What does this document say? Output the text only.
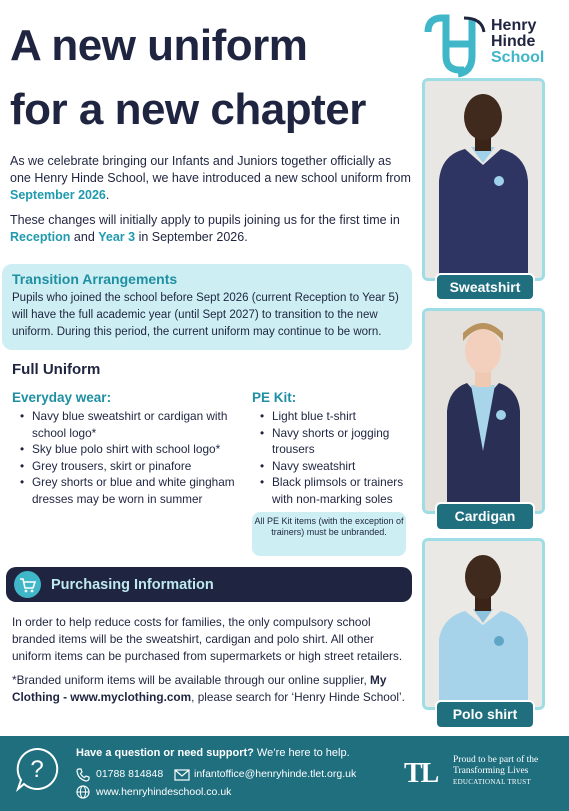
A new uniform
for a new chapter
Henry
Hinde
School

As we celebrate bringing our Infants and Juniors together officially as one Henry Hinde School, we have introduced a new school uniform from September 2026.

These changes will initially apply to pupils joining us for the first time in Reception and Year 3 in September 2026.

Transition Arrangements
Pupils who joined the school before Sept 2026 (current Reception to Year 5) will have the full academic year (until Sept 2027) to transition to the new uniform. During this period, the current uniform may continue to be worn.
Full Uniform
Everyday wear:
• Navy blue sweatshirt or cardigan with school logo*
• Sky blue polo shirt with school logo*
• Grey trousers, skirt or pinafore
• Grey shorts or blue and white gingham dresses may be worn in summer
PE Kit:
• Light blue t-shirt
• Navy shorts or jogging trousers
• Navy sweatshirt
• Black plimsols or trainers with non-marking soles
All PE Kit items (with the exception of trainers) must be unbranded.
Purchasing Information

In order to help reduce costs for families, the only compulsory school branded items will be the sweatshirt, cardigan and polo shirt. All other uniform items can be purchased from supermarkets or high street retailers.

*Branded uniform items will be available through our online supplier, My Clothing - www.myclothing.com, please search for ‘Henry Hinde School’.

Sweatshirt
Cardigan
Polo shirt
?
Have a question or need support? We’re here to help.
01788 814848	infantoffice@henryhinde.tlet.org.uk
www.henryhindeschool.co.uk
TL Proud to be part of the
Transforming Lives
EDUCATIONAL TRUST
